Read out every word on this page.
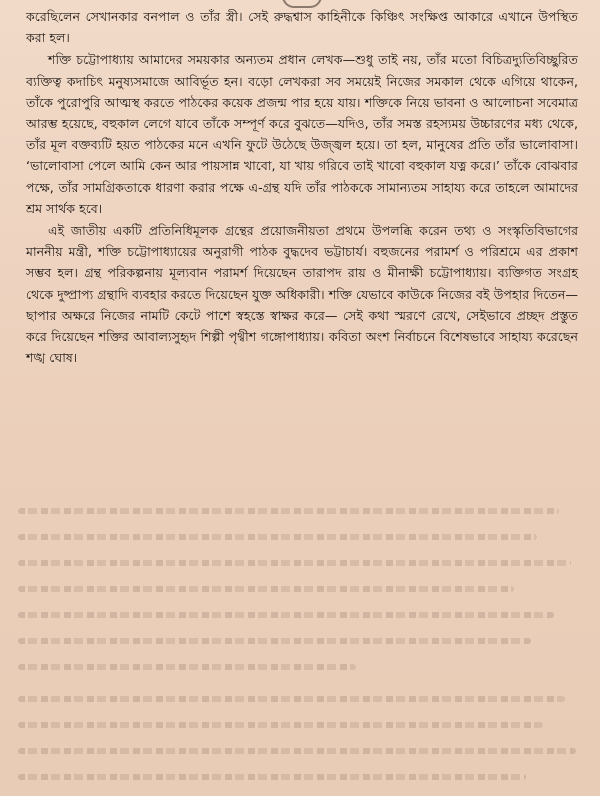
করেছিলেন সেখানকার বনপাল ও তাঁর স্ত্রী। সেই রুদ্ধশ্বাস কাহিনীকে কিঞ্চিৎ সংক্ষিপ্ত আকারে এখানে উপস্থিত করা হল।

শক্তি চট্টোপাধ্যায় আমাদের সময়কার অন্যতম প্রধান লেখক—শুধু তাই নয়, তাঁর মতো বিচিত্রদ্যুতিবিচ্ছুরিত ব্যক্তিত্ব কদাচিৎ মনুষ্যসমাজে আবির্ভূত হন। বড়ো লেখকরা সব সময়েই নিজের সমকাল থেকে এগিয়ে থাকেন, তাঁকে পুরোপুরি আত্মস্থ করতে পাঠকের কয়েক প্রজন্ম পার হয়ে যায়। শক্তিকে নিয়ে ভাবনা ও আলোচনা সবেমাত্র আরম্ভ হয়েছে, বহুকাল লেগে যাবে তাঁকে সম্পূর্ণ করে বুঝতে—যদিও, তাঁর সমস্ত রহস্যময় উচ্চারণের মধ্য থেকে, তাঁর মূল বক্তব্যটি হয়ত পাঠকের মনে এখনি ফুটে উঠেছে উজ্জ্বল হয়ে। তা হল, মানুষের প্রতি তাঁর ভালোবাসা। ‘ভালোবাসা পেলে আমি কেন আর পায়সান্ন খাবো, যা খায় গরিবে তাই খাবো বহুকাল যত্ন করে।’ তাঁকে বোঝবার পক্ষে, তাঁর সামগ্রিকতাকে ধারণা করার পক্ষে এ-গ্রন্থ যদি তাঁর পাঠককে সামান্যতম সাহায্য করে তাহলে আমাদের শ্রম সার্থক হবে।

এই জাতীয় একটি প্রতিনিধিমূলক গ্রন্থের প্রয়োজনীয়তা প্রথমে উপলব্ধি করেন তথ্য ও সংস্কৃতিবিভাগের মাননীয় মন্ত্রী, শক্তি চট্টোপাধ্যায়ের অনুরাগী পাঠক বুদ্ধদেব ভট্টাচার্য। বহুজনের পরামর্শ ও পরিশ্রমে এর প্রকাশ সম্ভব হল। গ্রন্থ পরিকল্পনায় মূল্যবান পরামর্শ দিয়েছেন তারাপদ রায় ও মীনাক্ষী চট্টোপাধ্যায়। ব্যক্তিগত সংগ্রহ থেকে দুষ্প্রাপ্য গ্রন্থাদি ব্যবহার করতে দিয়েছেন যুক্ত অধিকারী। শক্তি যেভাবে কাউকে নিজের বই উপহার দিতেন—ছাপার অক্ষরে নিজের নামটি কেটে পাশে স্বহস্তে স্বাক্ষর করে— সেই কথা স্মরণে রেখে, সেইভাবে প্রচ্ছদ প্রস্তুত করে দিয়েছেন শক্তির আবাল্যসুহৃদ শিল্পী পৃথ্বীশ গঙ্গোপাধ্যায়। কবিতা অংশ নির্বাচনে বিশেষভাবে সাহায্য করেছেন শঙ্খ ঘোষ।
